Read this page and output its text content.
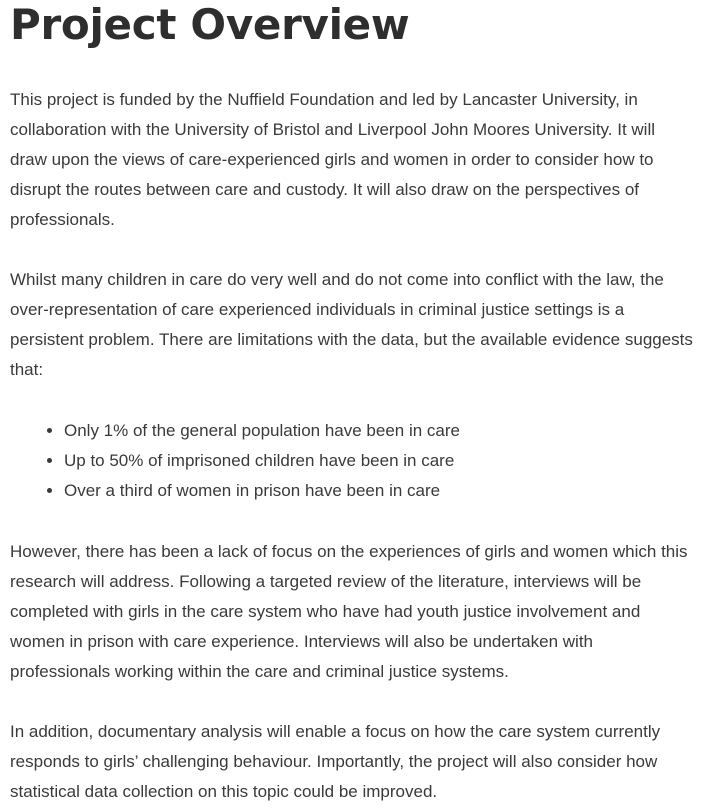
Project Overview

This project is funded by the Nuffield Foundation and led by Lancaster University, in collaboration with the University of Bristol and Liverpool John Moores University. It will draw upon the views of care-experienced girls and women in order to consider how to disrupt the routes between care and custody. It will also draw on the perspectives of professionals.

Whilst many children in care do very well and do not come into conflict with the law, the over-representation of care experienced individuals in criminal justice settings is a persistent problem. There are limitations with the data, but the available evidence suggests that:

• Only 1% of the general population have been in care
• Up to 50% of imprisoned children have been in care
• Over a third of women in prison have been in care

However, there has been a lack of focus on the experiences of girls and women which this research will address. Following a targeted review of the literature, interviews will be completed with girls in the care system who have had youth justice involvement and women in prison with care experience. Interviews will also be undertaken with professionals working within the care and criminal justice systems.

In addition, documentary analysis will enable a focus on how the care system currently responds to girls’ challenging behaviour. Importantly, the project will also consider how statistical data collection on this topic could be improved.
